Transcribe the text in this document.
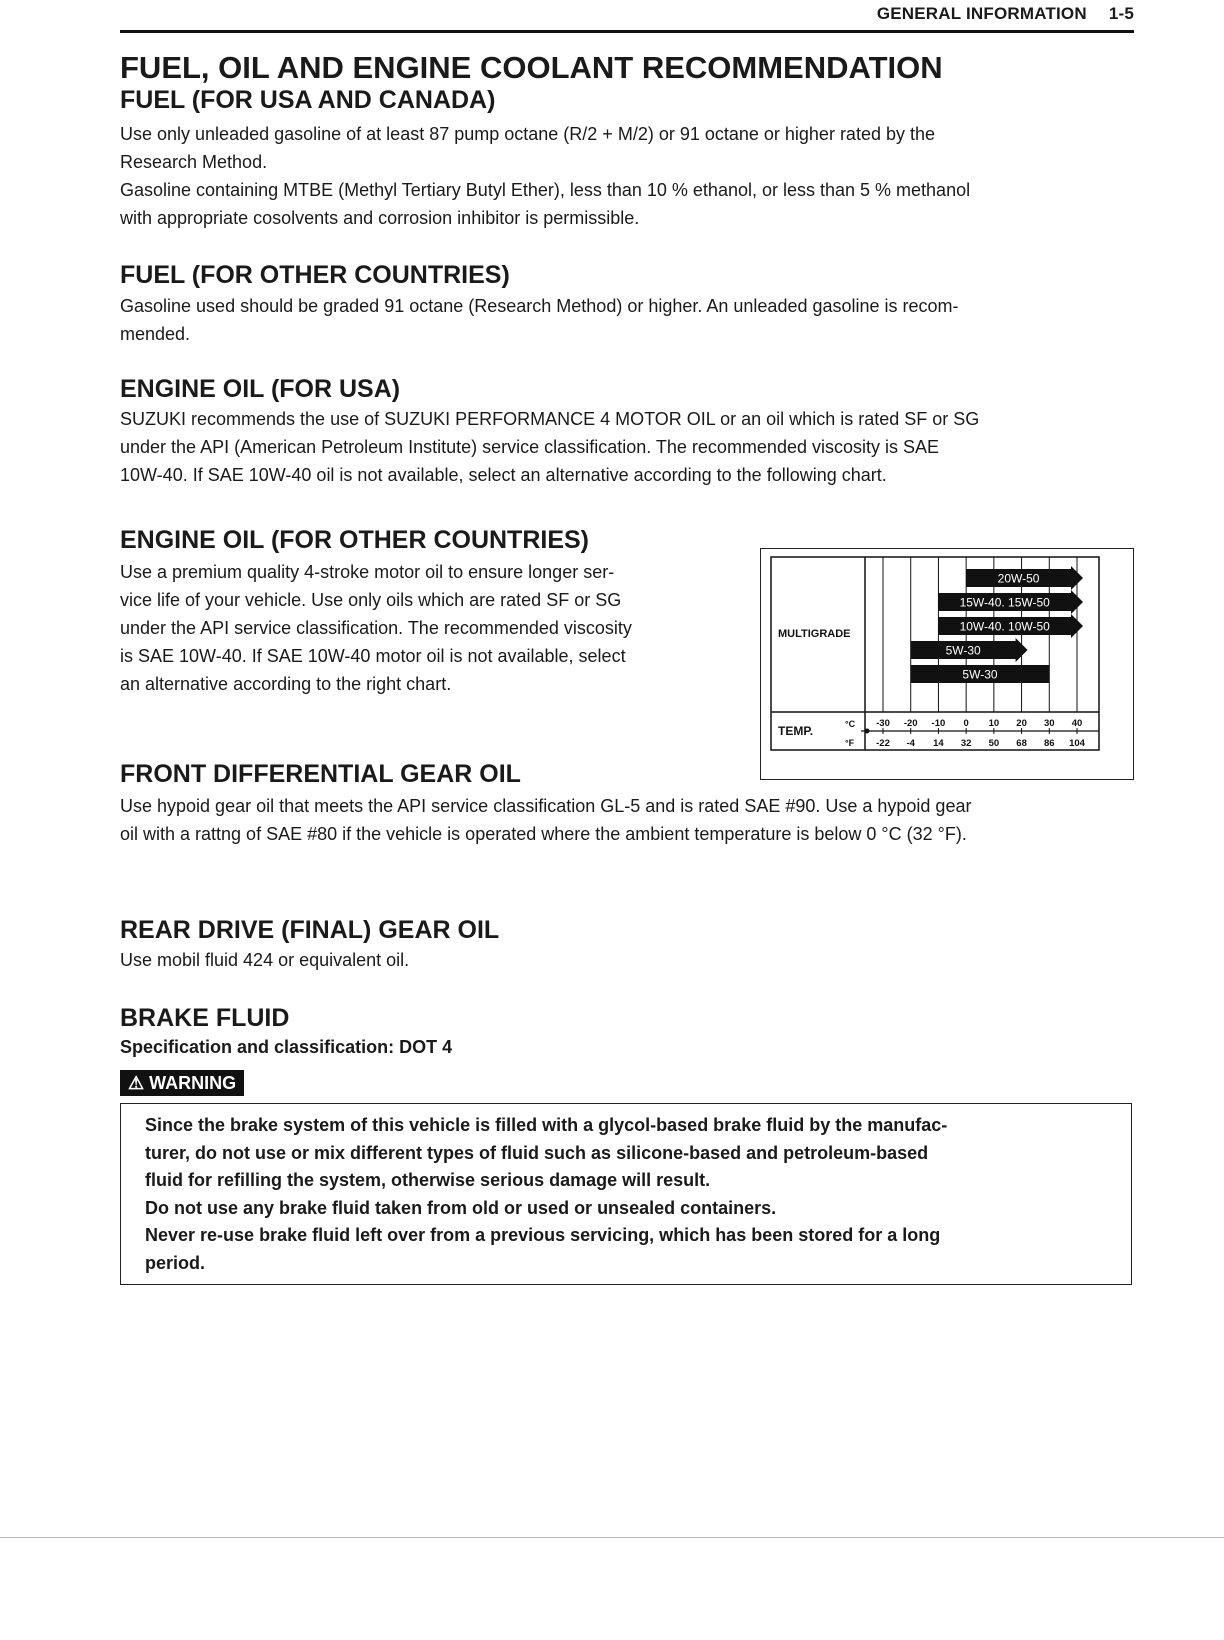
GENERAL INFORMATION 1-5
FUEL, OIL AND ENGINE COOLANT RECOMMENDATION
FUEL (FOR USA AND CANADA)

Use only unleaded gasoline of at least 87 pump octane (R/2 + M/2) or 91 octane or higher rated by the
Research Method.
Gasoline containing MTBE (Methyl Tertiary Butyl Ether), less than 10 % ethanol, or less than 5 % methanol
with appropriate cosolvents and corrosion inhibitor is permissible.

FUEL (FOR OTHER COUNTRIES)

Gasoline used should be graded 91 octane (Research Method) or higher. An unleaded gasoline is recom-
mended.

ENGINE OIL (FOR USA)

SUZUKI recommends the use of SUZUKI PERFORMANCE 4 MOTOR OIL or an oil which is rated SF or SG
under the API (American Petroleum Institute) service classification. The recommended viscosity is SAE
10W-40. If SAE 10W-40 oil is not available, select an alternative according to the following chart.

ENGINE OIL (FOR OTHER COUNTRIES)

Use a premium quality 4-stroke motor oil to ensure longer ser-
vice life of your vehicle. Use only oils which are rated SF or SG
under the API service classification. The recommended viscosity
is SAE 10W-40. If SAE 10W-40 motor oil is not available, select
an alternative according to the right chart.

20W-50
15W-40. 15W-50
10W-40. 10W-50
5W-30
5W-30
MULTIGRADE
TEMP.	°C
°F
-30 -20 -10 0 10 20 30 40
-22 -4 14 32 50 68 86 104
FRONT DIFFERENTIAL GEAR OIL

Use hypoid gear oil that meets the API service classification GL-5 and is rated SAE #90. Use a hypoid gear
oil with a rattng of SAE #80 if the vehicle is operated where the ambient temperature is below 0 °C (32 °F).

REAR DRIVE (FINAL) GEAR OIL

Use mobil fluid 424 or equivalent oil.

BRAKE FLUID
Specification and classification: DOT 4
⚠ WARNING
Since the brake system of this vehicle is filled with a glycol-based brake fluid by the manufac-
turer, do not use or mix different types of fluid such as silicone-based and petroleum-based
fluid for refilling the system, otherwise serious damage will result.
Do not use any brake fluid taken from old or used or unsealed containers.
Never re-use brake fluid left over from a previous servicing, which has been stored for a long
period.
